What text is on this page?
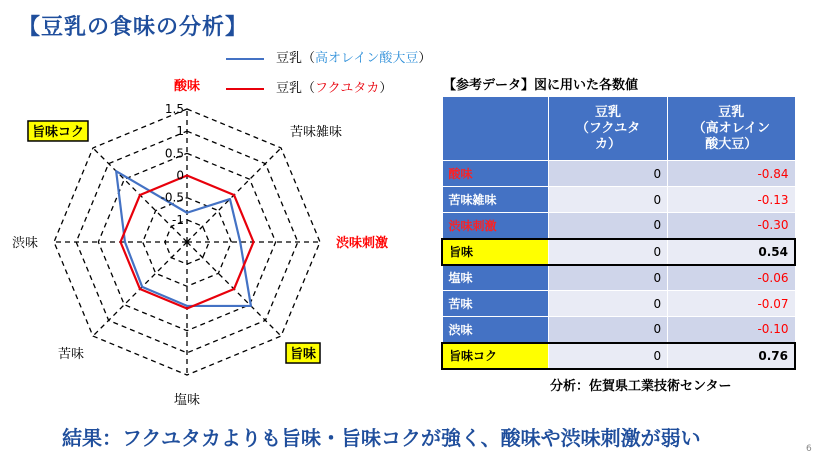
【豆乳の食味の分析】
1.5
1
0.5
0
-0.5
-1
酸味
苦味雑味
渋味刺激
旨味
塩味
苦味
渋味
旨味コク
豆乳（高オレイン酸大豆）
豆乳（フクユタカ）	【参考データ】図に用いた各数値
	豆乳
（フクユタ
カ）	豆乳
（高オレイン
酸大豆）
酸味	0	-0.84
苦味雑味	0	-0.13
渋味刺激	0	-0.30
旨味	0	0.54
塩味	0	-0.06
苦味	0	-0.07
渋味	0	-0.10
旨味コク	0	0.76
分析：佐賀県工業技術センター
結果：フクユタカよりも旨味・旨味コクが強く、酸味や渋味刺激が弱い	6
